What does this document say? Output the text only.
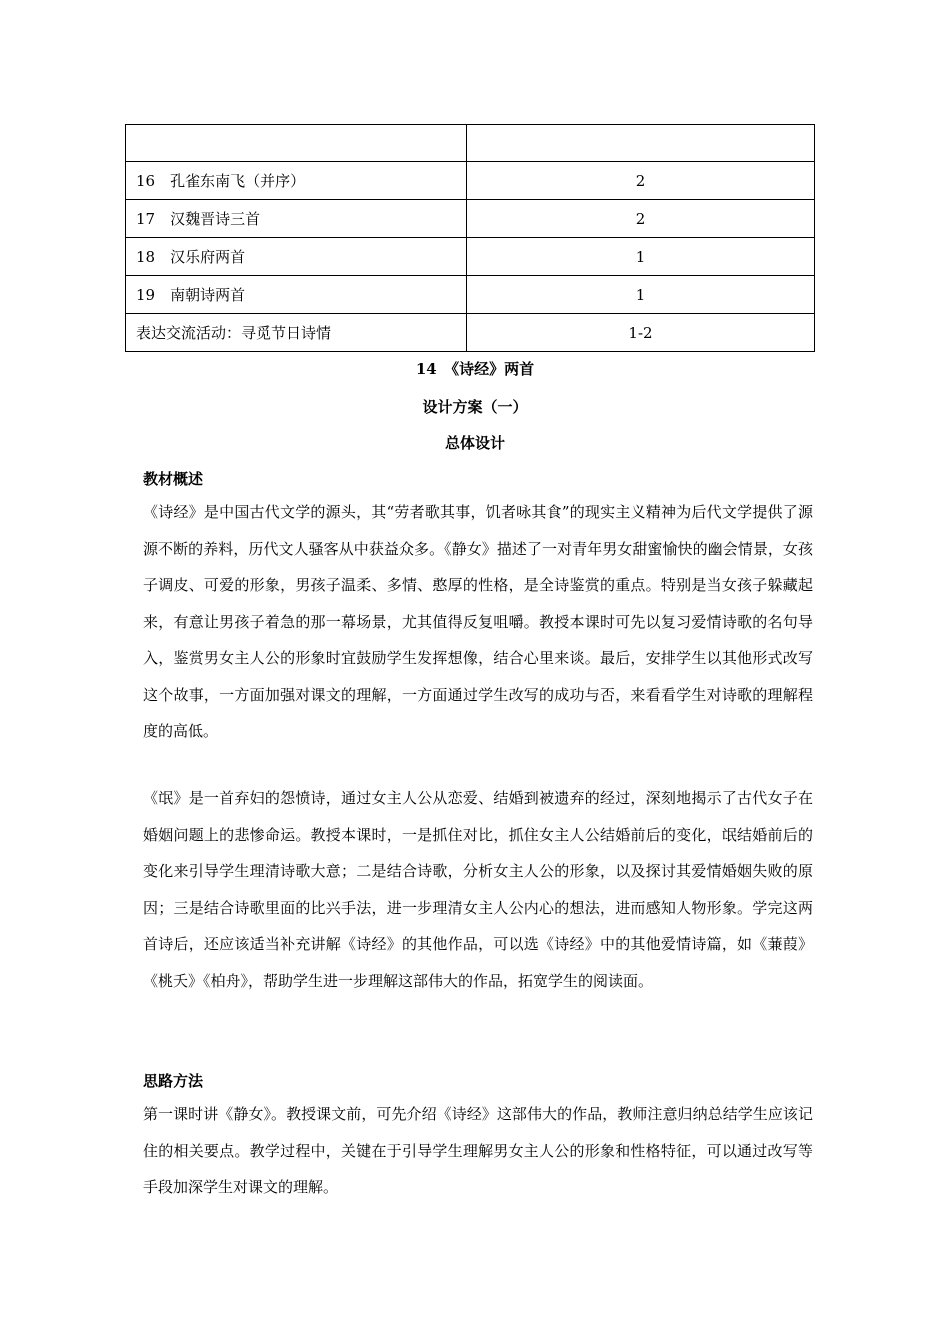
16　孔雀东南飞（并序）	2
17　汉魏晋诗三首	2
18　汉乐府两首	1
19　南朝诗两首	1
表达交流活动：寻觅节日诗情	1-2
14　《诗经》两首
设计方案（一）
总体设计
教材概述

《诗经》是中国古代文学的源头，其“劳者歌其事，饥者咏其食”的现实主义精神为后代文学提供了源源不断的养料，历代文人骚客从中获益众多。《静女》描述了一对青年男女甜蜜愉快的幽会情景，女孩子调皮、可爱的形象，男孩子温柔、多情、憨厚的性格，是全诗鉴赏的重点。特别是当女孩子躲藏起来，有意让男孩子着急的那一幕场景，尤其值得反复咀嚼。教授本课时可先以复习爱情诗歌的名句导入，鉴赏男女主人公的形象时宜鼓励学生发挥想像，结合心里来谈。最后，安排学生以其他形式改写这个故事，一方面加强对课文的理解，一方面通过学生改写的成功与否，来看看学生对诗歌的理解程度的高低。

《氓》是一首弃妇的怨愤诗，通过女主人公从恋爱、结婚到被遗弃的经过，深刻地揭示了古代女子在婚姻问题上的悲惨命运。教授本课时，一是抓住对比，抓住女主人公结婚前后的变化，氓结婚前后的变化来引导学生理清诗歌大意；二是结合诗歌，分析女主人公的形象，以及探讨其爱情婚姻失败的原因；三是结合诗歌里面的比兴手法，进一步理清女主人公内心的想法，进而感知人物形象。学完这两首诗后，还应该适当补充讲解《诗经》的其他作品，可以选《诗经》中的其他爱情诗篇，如《蒹葭》《桃夭》《柏舟》，帮助学生进一步理解这部伟大的作品，拓宽学生的阅读面。

思路方法

第一课时讲《静女》。教授课文前，可先介绍《诗经》这部伟大的作品，教师注意归纳总结学生应该记住的相关要点。教学过程中，关键在于引导学生理解男女主人公的形象和性格特征，可以通过改写等手段加深学生对课文的理解。
